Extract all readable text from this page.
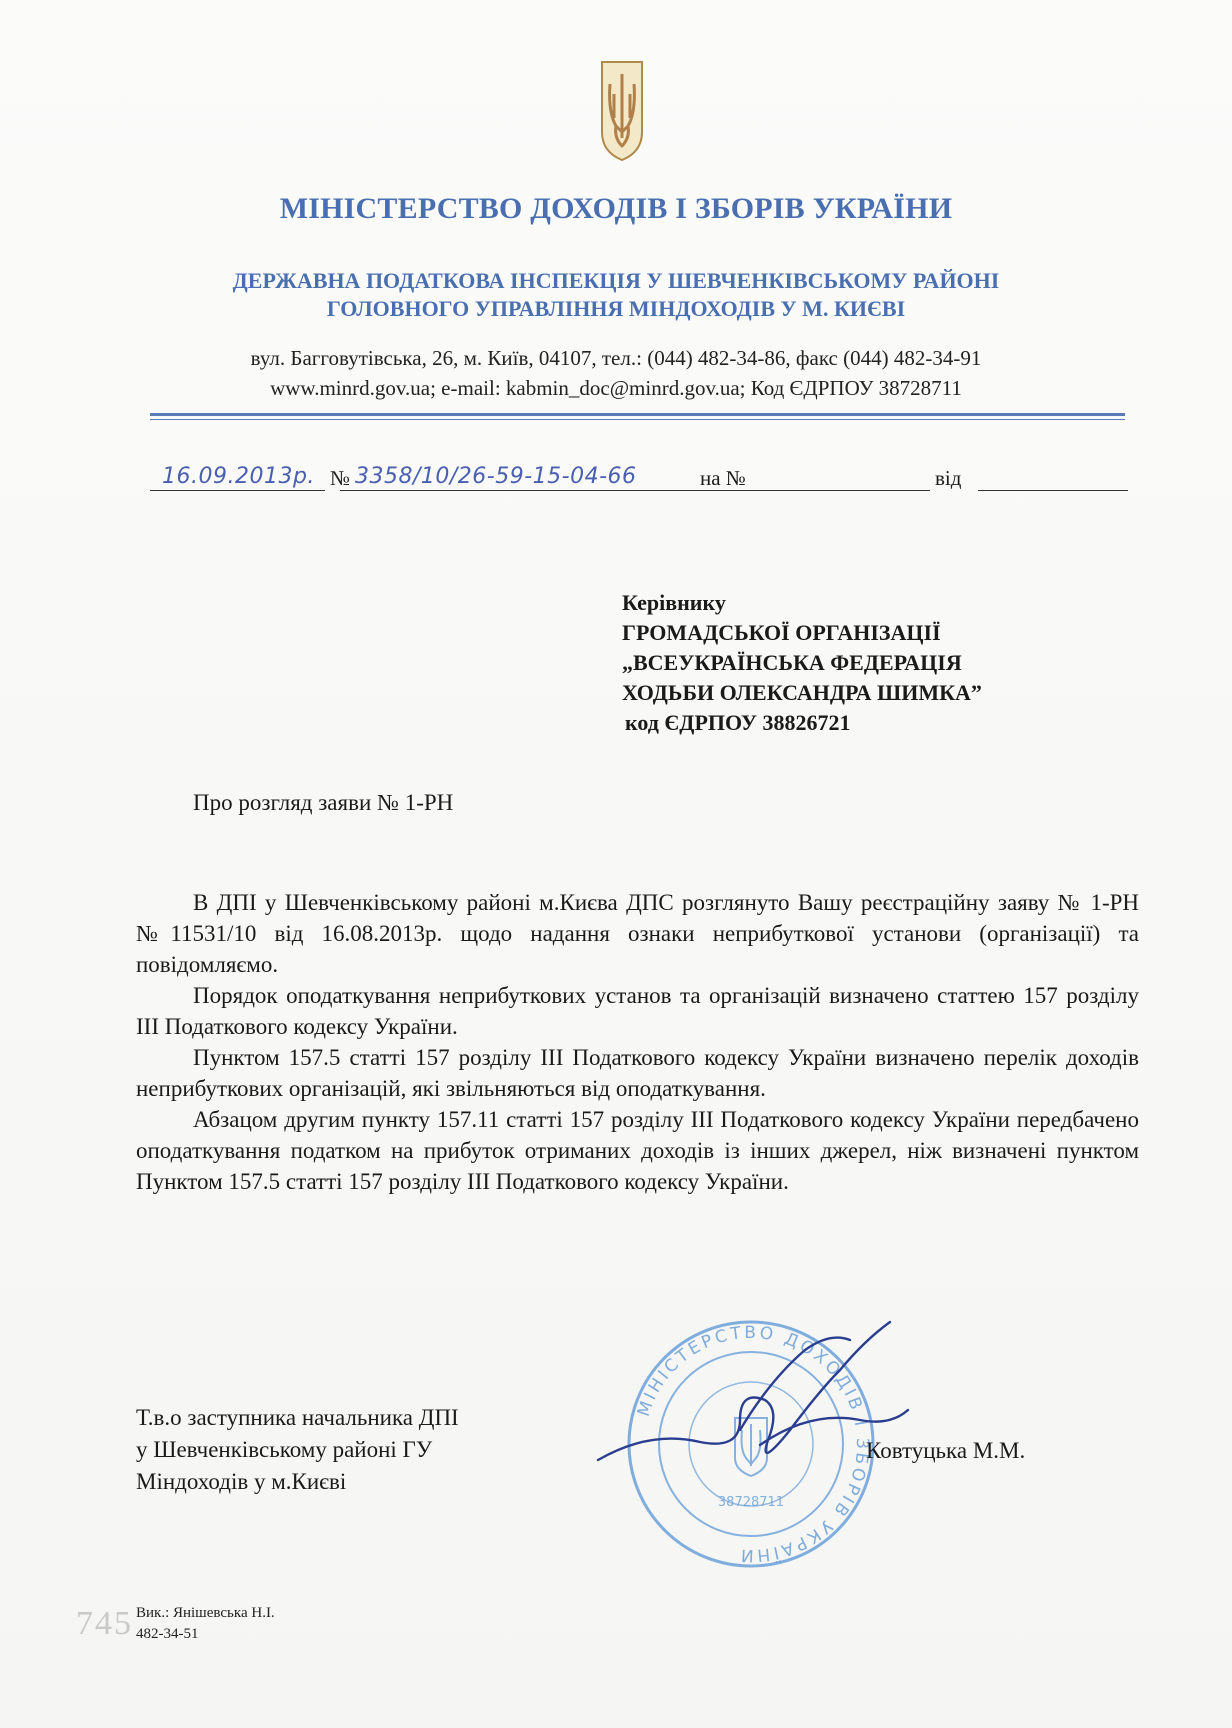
МІНІСТЕРСТВО ДОХОДІВ І ЗБОРІВ УКРАЇНИ
ДЕРЖАВНА ПОДАТКОВА ІНСПЕКЦІЯ У ШЕВЧЕНКІВСЬКОМУ РАЙОНІ
ГОЛОВНОГО УПРАВЛІННЯ МІНДОХОДІВ У М. КИЄВІ
вул. Багговутівська, 26, м. Київ, 04107, тел.: (044) 482-34-86, факс (044) 482-34-91
www.minrd.gov.ua; e-mail: kabmin_doc@minrd.gov.ua; Код ЄДРПОУ 38728711
16.09.2013р. № 3358/10/26-59-15-04-66	на №	від
Керівнику
ГРОМАДСЬКОЇ ОРГАНІЗАЦІЇ
„ВСЕУКРАЇНСЬКА ФЕДЕРАЦІЯ
ХОДЬБИ ОЛЕКСАНДРА ШИМКА”
код ЄДРПОУ 38826721
Про розгляд заяви № 1-РН

В ДПІ у Шевченківському районі м.Києва ДПС розглянуто Вашу реєстраційну заяву № 1-РН №11531/10 від 16.08.2013р. щодо надання ознаки неприбуткової установи (організації) та повідомляємо.

Порядок оподаткування неприбуткових установ та організацій визначено статтею 157 розділу ІІІ Податкового кодексу України.

Пунктом 157.5 статті 157 розділу ІІІ Податкового кодексу України визначено перелік доходів неприбуткових організацій, які звільняються від оподаткування.

Абзацом другим пункту 157.11 статті 157 розділу ІІІ Податкового кодексу України передбачено оподаткування податком на прибуток отриманих доходів із інших джерел, ніж визначені пунктом Пунктом 157.5 статті 157 розділу ІІІ Податкового кодексу України.

МІНІСТЕРСТВО ДОХОДІВ І ЗБОРІВ УКРАЇНИ
38728711
Т.в.о заступника начальника ДПІ
у Шевченківському районі ГУ
Міндоходів у м.Києві
Ковтуцька М.М.
745 Вик.: Янішевська Н.І.
482-34-51
